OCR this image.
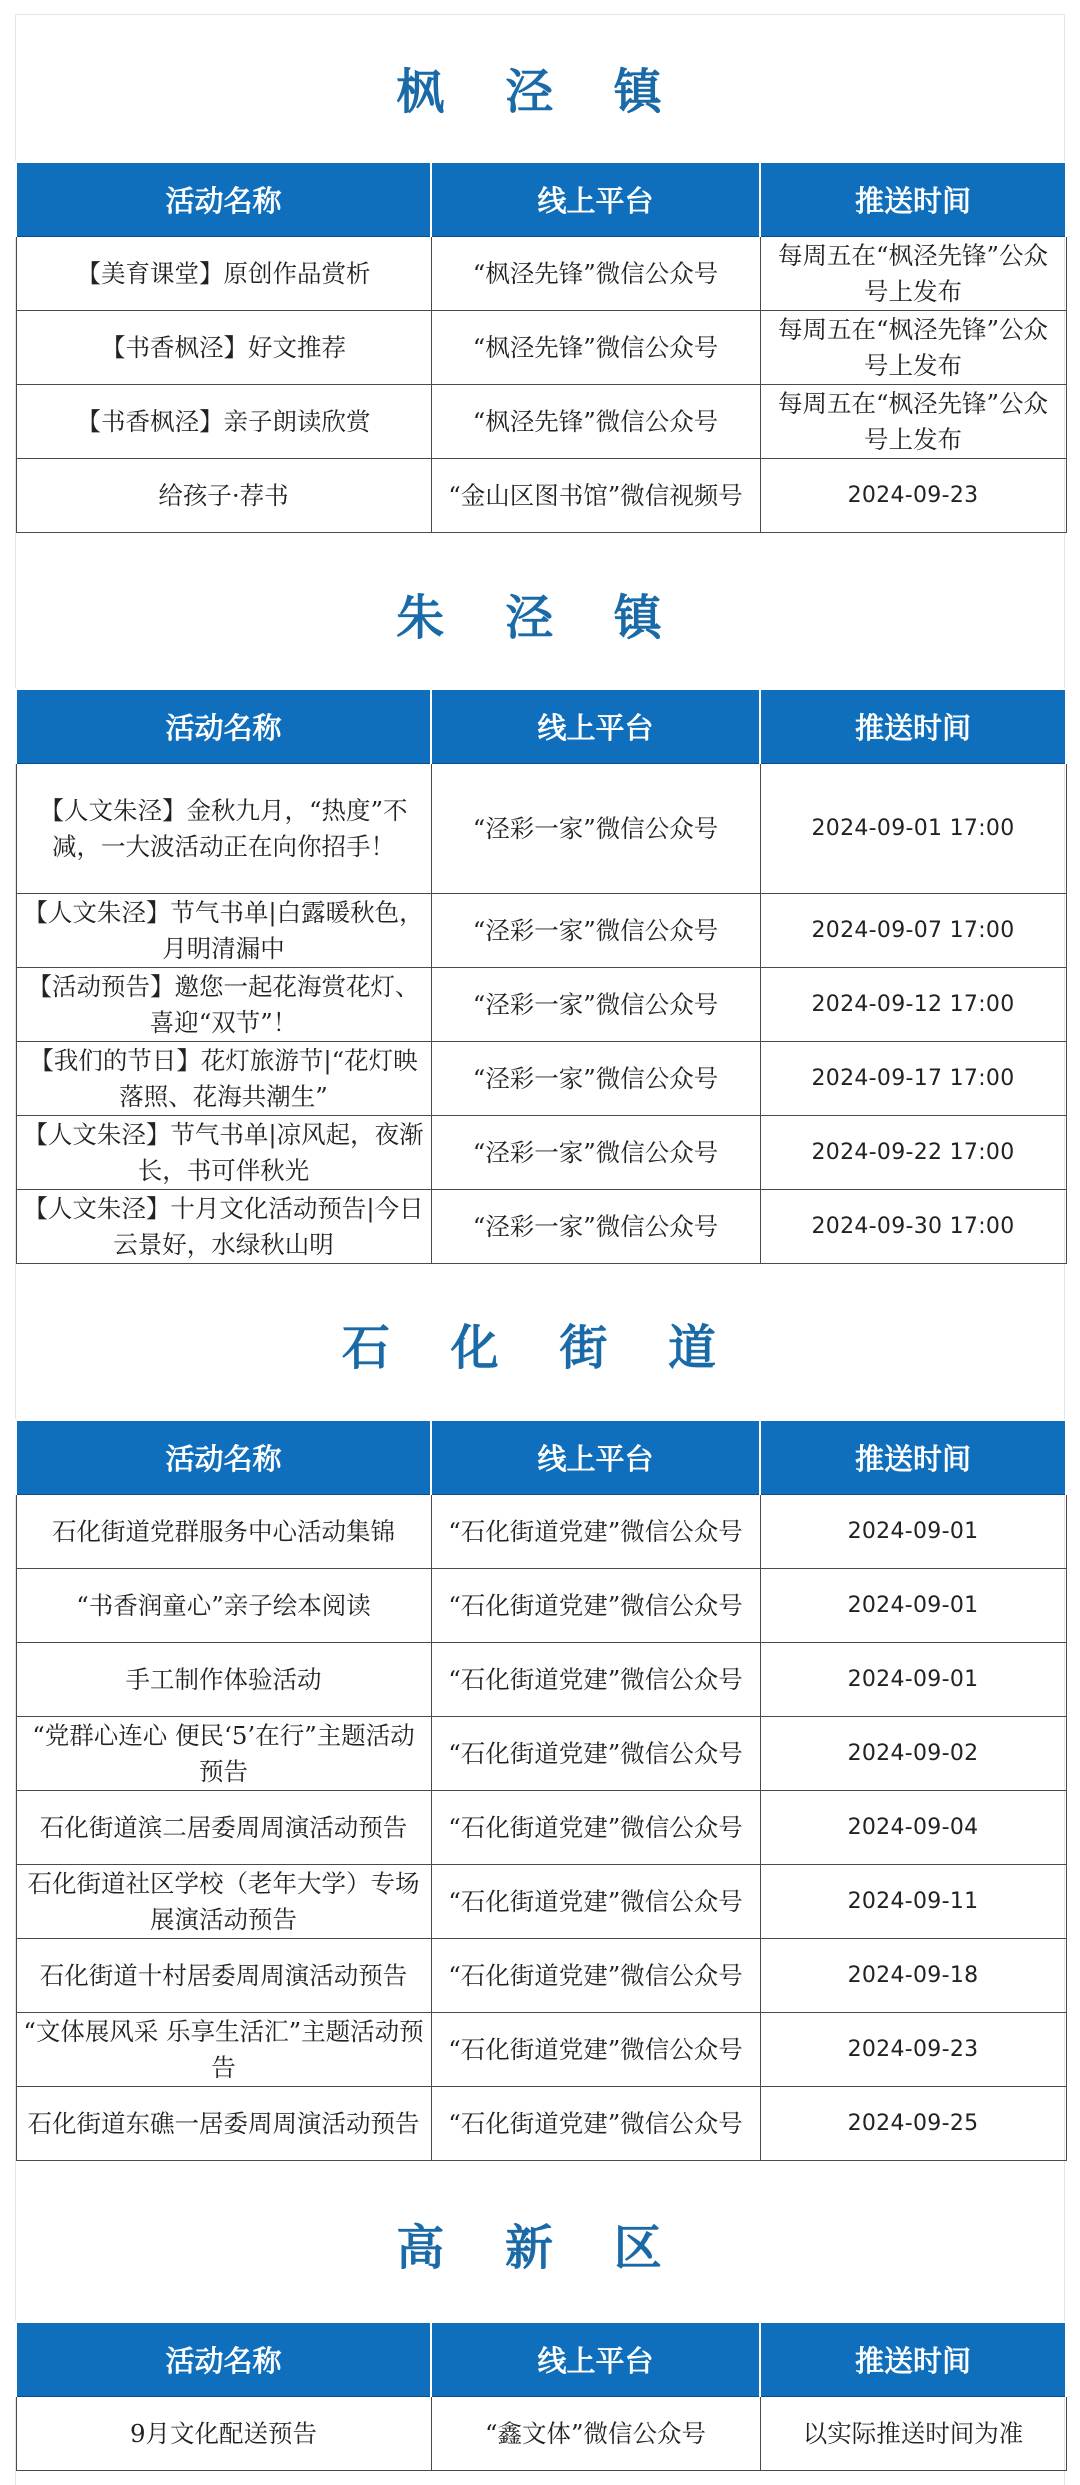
枫 泾 镇
活动名称	线上平台	推送时间
【美育课堂】原创作品赏析	“枫泾先锋”微信公众号	每周五在“枫泾先锋”公众号上发布
【书香枫泾】好文推荐	“枫泾先锋”微信公众号	每周五在“枫泾先锋”公众号上发布
【书香枫泾】亲子朗读欣赏	“枫泾先锋”微信公众号	每周五在“枫泾先锋”公众号上发布
给孩子·荐书	“金山区图书馆”微信视频号	2024-09-23
朱 泾 镇
活动名称	线上平台	推送时间
【人文朱泾】金秋九月，“热度”不减，一大波活动正在向你招手！	“泾彩一家”微信公众号	2024-09-01 17:00
【人文朱泾】节气书单|白露暖秋色，月明清漏中	“泾彩一家”微信公众号	2024-09-07 17:00
【活动预告】邀您一起花海赏花灯、喜迎“双节”！	“泾彩一家”微信公众号	2024-09-12 17:00
【我们的节日】花灯旅游节|“花灯映落照、花海共潮生”	“泾彩一家”微信公众号	2024-09-17 17:00
【人文朱泾】节气书单|凉风起，夜渐长，书可伴秋光	“泾彩一家”微信公众号	2024-09-22 17:00
【人文朱泾】十月文化活动预告|今日云景好，水绿秋山明	“泾彩一家”微信公众号	2024-09-30 17:00
石 化 街 道
活动名称	线上平台	推送时间
石化街道党群服务中心活动集锦	“石化街道党建”微信公众号	2024-09-01
“书香润童心”亲子绘本阅读	“石化街道党建”微信公众号	2024-09-01
手工制作体验活动	“石化街道党建”微信公众号	2024-09-01
“党群心连心 便民‘5’在行”主题活动预告	“石化街道党建”微信公众号	2024-09-02
石化街道滨二居委周周演活动预告	“石化街道党建”微信公众号	2024-09-04
石化街道社区学校（老年大学）专场展演活动预告	“石化街道党建”微信公众号	2024-09-11
石化街道十村居委周周演活动预告	“石化街道党建”微信公众号	2024-09-18
“文体展风采 乐享生活汇”主题活动预告	“石化街道党建”微信公众号	2024-09-23
石化街道东礁一居委周周演活动预告	“石化街道党建”微信公众号	2024-09-25
高 新 区
活动名称	线上平台	推送时间
9月文化配送预告	“鑫文体”微信公众号	以实际推送时间为准
